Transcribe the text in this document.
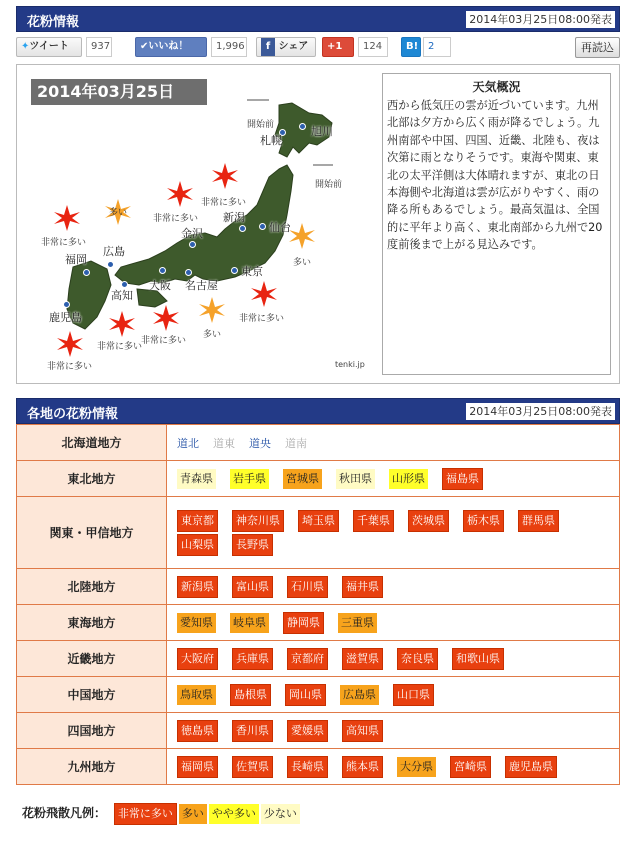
花粉情報	2014年03月25日08:00発表
✦ツイート	937	✔いいね！	1,996	f シェア	+1	124	B! 2	再読込
2014年03月25日
旭川
札幌
仙台
新潟
金沢
東京
名古屋
大阪
広島
高知
福岡
鹿児島
開始前
開始前
非常に多い
非常に多い
多い
非常に多い
多い
非常に多い
非常に多い
非常に多い
多い
非常に多い	tenki.jp
天気概況

西から低気圧の雲が近づいています。九州北部は夕方から広く雨が降るでしょう。九州南部や中国、四国、近畿、北陸も、夜は次第に雨となりそうです。東海や関東、東北の太平洋側は大体晴れますが、東北の日本海側や北海道は雲が広がりやすく、雨の降る所もあるでしょう。最高気温は、全国的に平年より高く、東北南部から九州で20度前後まで上がる見込みです。

各地の花粉情報	2014年03月25日08:00発表
北海道地方	道北 道東 道央 道南
東北地方	青森県 岩手県 宮城県 秋田県 山形県 福島県
関東・甲信地方	東京都 神奈川県 埼玉県 千葉県 茨城県 栃木県 群馬県山梨県 長野県
北陸地方	新潟県 富山県 石川県 福井県
東海地方	愛知県 岐阜県 静岡県 三重県
近畿地方	大阪府 兵庫県 京都府 滋賀県 奈良県 和歌山県
中国地方	鳥取県 島根県 岡山県 広島県 山口県
四国地方	徳島県 香川県 愛媛県 高知県
九州地方	福岡県 佐賀県 長崎県 熊本県 大分県 宮崎県 鹿児島県
花粉飛散凡例： 非常に多い 多い やや多い 少ない
